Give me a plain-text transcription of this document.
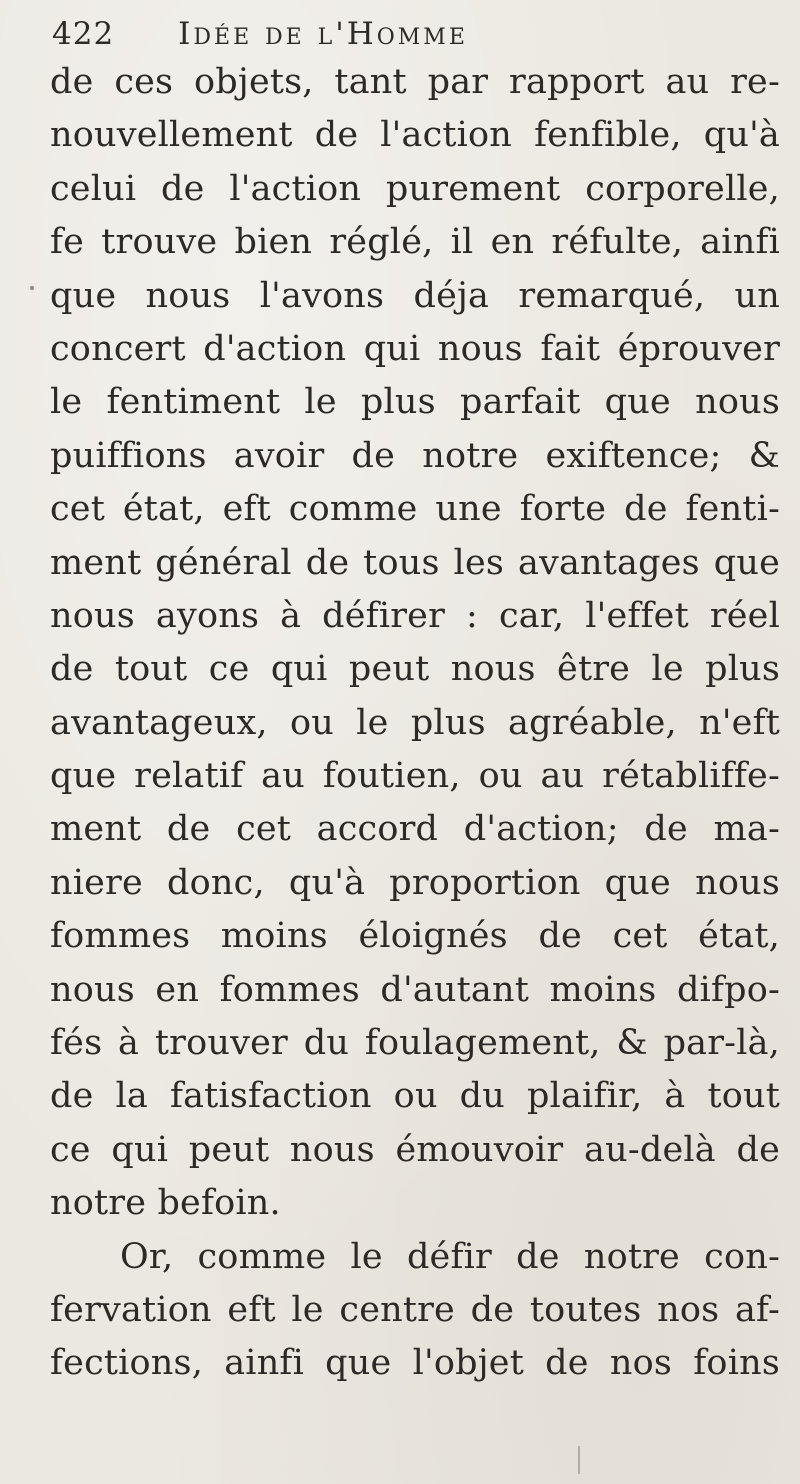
422 Idée de l'Homme
de ces objets, tant par rapport au re-
nouvellement de l'action fenfible, qu'à
celui de l'action purement corporelle,
fe trouve bien réglé, il en réfulte, ainfi
que nous l'avons déja remarqué, un
concert d'action qui nous fait éprouver
le fentiment le plus parfait que nous
puiffions avoir de notre exiftence; &
cet état, eft comme une forte de fenti-
ment général de tous les avantages que
nous ayons à défirer : car, l'effet réel
de tout ce qui peut nous être le plus
avantageux, ou le plus agréable, n'eft
que relatif au foutien, ou au rétabliffe-
ment de cet accord d'action; de ma-
niere donc, qu'à proportion que nous
fommes moins éloignés de cet état,
nous en fommes d'autant moins difpo-
fés à trouver du foulagement, & par-là,
de la fatisfaction ou du plaifir, à tout
ce qui peut nous émouvoir au-delà de
notre befoin.
Or, comme le défir de notre con-
fervation eft le centre de toutes nos af-
fections, ainfi que l'objet de nos foins
